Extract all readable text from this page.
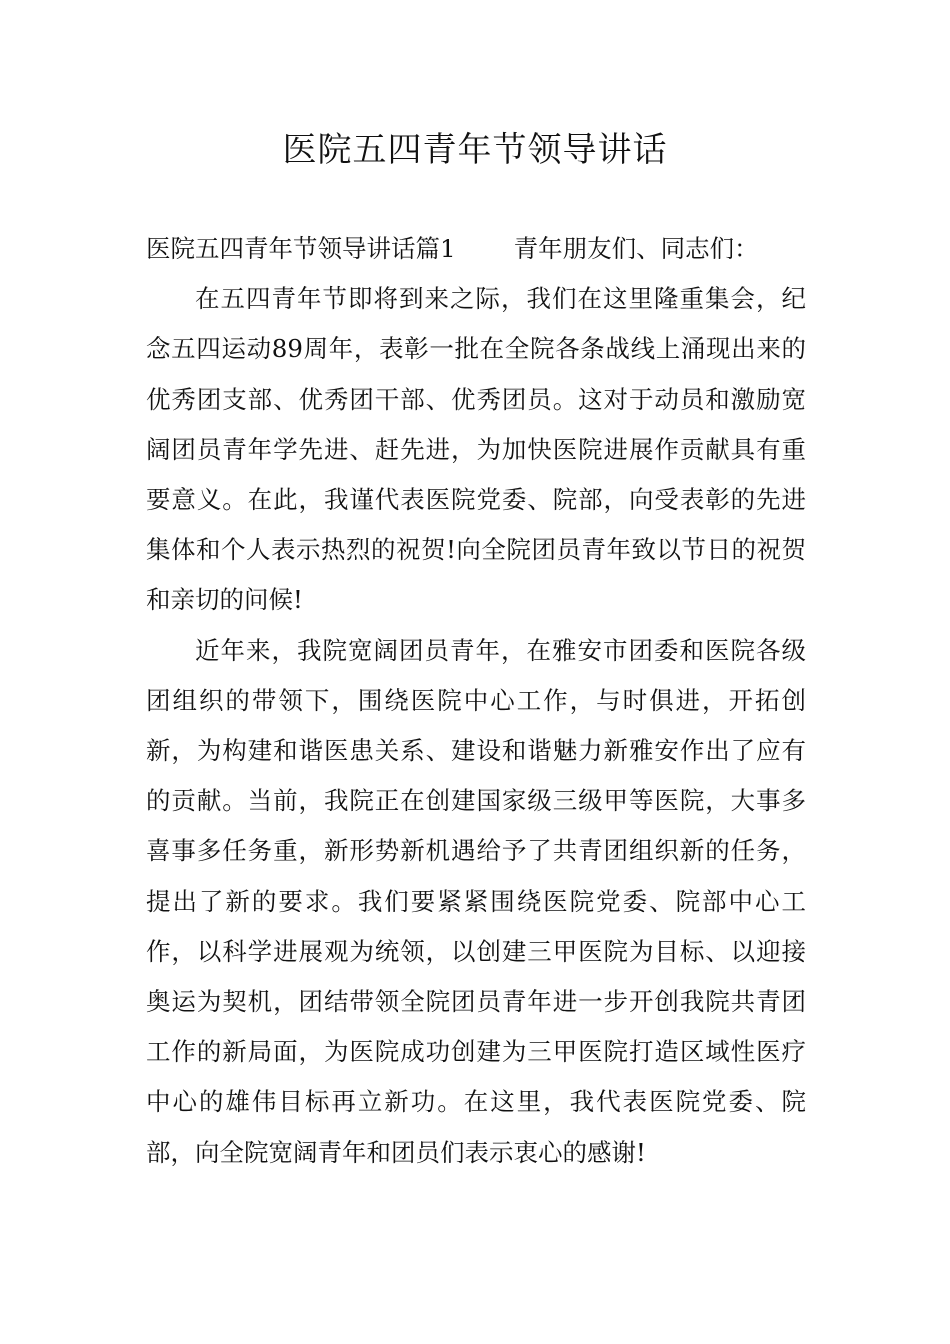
医院五四青年节领导讲话

医院五四青年节领导讲话篇1 青年朋友们、同志们：

在五四青年节即将到来之际，我们在这里隆重集会，纪念五四运动89周年，表彰一批在全院各条战线上涌现出来的优秀团支部、优秀团干部、优秀团员。这对于动员和激励宽阔团员青年学先进、赶先进，为加快医院进展作贡献具有重要意义。在此，我谨代表医院党委、院部，向受表彰的先进集体和个人表示热烈的祝贺!向全院团员青年致以节日的祝贺和亲切的问候!

近年来，我院宽阔团员青年，在雅安市团委和医院各级团组织的带领下，围绕医院中心工作，与时俱进，开拓创新，为构建和谐医患关系、建设和谐魅力新雅安作出了应有的贡献。当前，我院正在创建国家级三级甲等医院，大事多喜事多任务重，新形势新机遇给予了共青团组织新的任务，提出了新的要求。我们要紧紧围绕医院党委、院部中心工作，以科学进展观为统领，以创建三甲医院为目标、以迎接奥运为契机，团结带领全院团员青年进一步开创我院共青团工作的新局面，为医院成功创建为三甲医院打造区域性医疗中心的雄伟目标再立新功。在这里，我代表医院党委、院部，向全院宽阔青年和团员们表示衷心的感谢!
